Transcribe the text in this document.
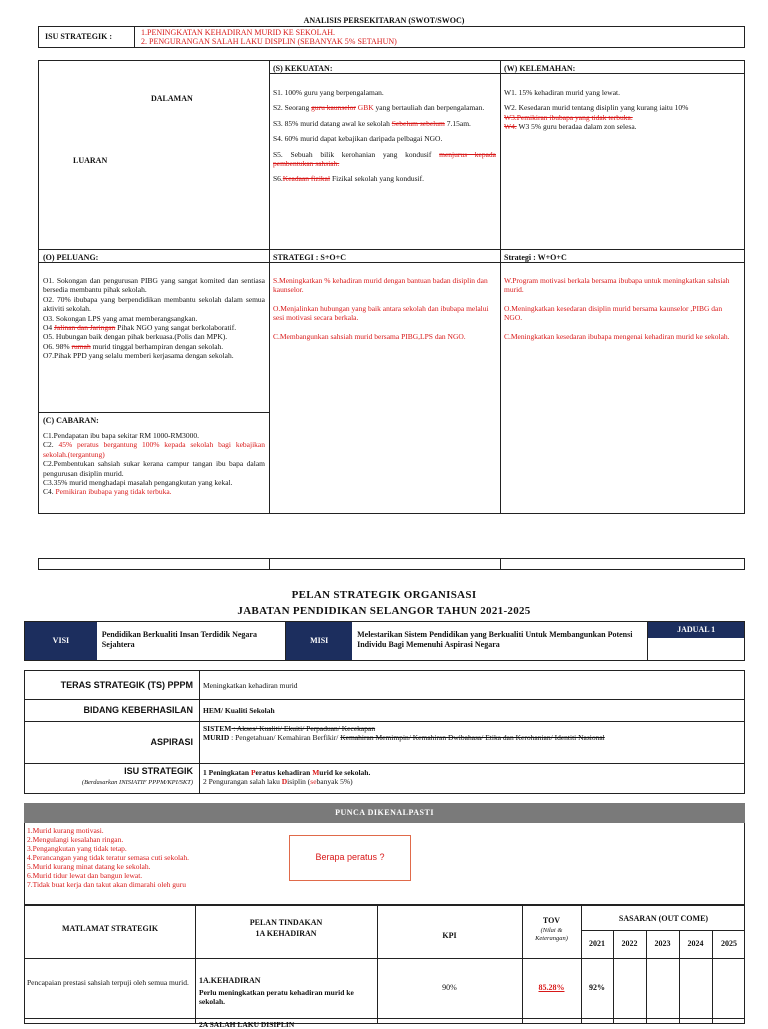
ANALISIS PERSEKITARAN (SWOT/SWOC)
ISU STRATEGIK :	1.PENINGKATAN KEHADIRAN MURID KE SEKOLAH.
2. PENGURANGAN SALAH LAKU DISPLIN (SEBANYAK 5% SETAHUN)
DALAMAN
LUARAN
(S) KEKUATAN:	(W) KELEMAHAN:

S1. 100% guru yang berpengalaman.

S2. Seorang guru kaunselor GBK yang bertauliah dan berpengalaman.

S3. 85% murid datang awal ke sekolah Sebelum sebelum 7.15am.

S4. 60% murid dapat kebajikan daripada pelbagai NGO.

S5. Sebuah bilik kerohanian yang kondusif menjurus kepada pembentukan sahsiah.

S6.Keadaan fizikal Fizikal sekolah yang kondusif.

W1. 15% kehadiran murid yang lewat.

W2. Kesedaran murid tentang disiplin yang kurang iaitu 10%

W3.Pemikiran ibubapa yang tidak terbuka.

W4. W3 5% guru beradaa dalam zon selesa.

(O) PELUANG:	STRATEGI : S+O+C	Strategi : W+O+C

O1. Sokongan dan pengurusan PIBG yang sangat komited dan sentiasa bersedia membantu pihak sekolah.

O2. 70% ibubapa yang berpendidikan membantu sekolah dalam semua aktiviti sekolah.

O3. Sokongan LPS yang amat memberangsangkan.

O4 Jalinan dan Jaringan Pihak NGO yang sangat berkolaboratif.

O5. Hubungan baik dengan pihak berkuasa.(Polis dan MPK).

O6. 98% rumah murid tinggal berhampiran dengan sekolah.

O7.Pihak PPD yang selalu memberi kerjasama dengan sekolah.

S.Meningkatkan % kehadiran murid dengan bantuan badan disiplin dan kaunselor.

O.Menjalinkan hubungan yang baik antara sekolah dan ibubapa melalui sesi motivasi secara berkala.

C.Membangunkan sahsiah murid bersama PIBG,LPS dan NGO.

W.Program motivasi berkala bersama ibubapa untuk meningkatkan sahsiah murid.

O.Meningkatkan kesedaran disiplin murid bersama kaunselor ,PIBG dan NGO.

C.Meningkatkan kesedaran ibubapa mengenai kehadiran murid ke sekolah.

(C) CABARAN:

C1.Pendapatan ibu bapa sekitar RM 1000-RM3000.

C2. 45% peratus bergantung 100% kepada sekolah bagi kebajikan sekolah.(tergantung)

C2.Pembentukan sahsiah sukar kerana campur tangan ibu bapa dalam pengurusan disiplin murid.

C3.35% murid menghadapi masalah pengangkutan yang kekal.

C4. Pemikiran ibubapa yang tidak terbuka.

PELAN STRATEGIK ORGANISASI
JABATAN PENDIDIKAN SELANGOR TAHUN 2021-2025
VISI
Pendidikan Berkualiti Insan Terdidik Negara Sejahtera	MISI
Melestarikan Sistem Pendidikan yang Berkualiti Untuk Membangunkan Potensi Individu Bagi Memenuhi Aspirasi Negara
JADUAL 1
TERAS STRATEGIK (TS) PPPM	Meningkatkan kehadiran murid
BIDANG KEBERHASILAN	HEM/ Kualiti Sekolah
ASPIRASI
SISTEM : Akses/ Kualiti/ Ekuiti/ Perpaduan/ Kecekapan
MURID : Pengetahuan/ Kemahiran Berfikir/ Kemahiran Memimpin/ Kemahiran Dwibahasa/ Etika dan Kerohanian/ Identiti Nasional
ISU STRATEGIK
(Berdasarkan INISIATIF PPPM/KPI/SKT)
1 Peningkatan Peratus kehadiran Murid ke sekolah.
2 Pengurangan salah laku Disiplin (sebanyak 5%)
PUNCA DIKENALPASTI
1.Murid kurang motivasi.
2.Mengulangi kesalahan ringan.
3.Pengangkutan yang tidak tetap.
4.Perancangan yang tidak teratur semasa cuti sekolah.
5.Murid kurang minat datang ke sekolah.
6.Murid tidur lewat dan bangun lewat.
7.Tidak buat kerja dan takut akan dimarahi oleh guru
Berapa peratus ?
MATLAMAT STRATEGIK
PELAN TINDAKAN
1A KEHADIRAN	KPI
TOV
(Nilai & Keterangan)
SASARAN (OUT COME)
2021	2022	2023	2024	2025
Pencapaian prestasi sahsiah terpuji oleh semua murid.	1A.KEHADIRAN
Perlu meningkatkan peratu kehadiran murid ke sekolah.
90%	85.28%	92%
2A SALAH LAKU DISIPLIN
